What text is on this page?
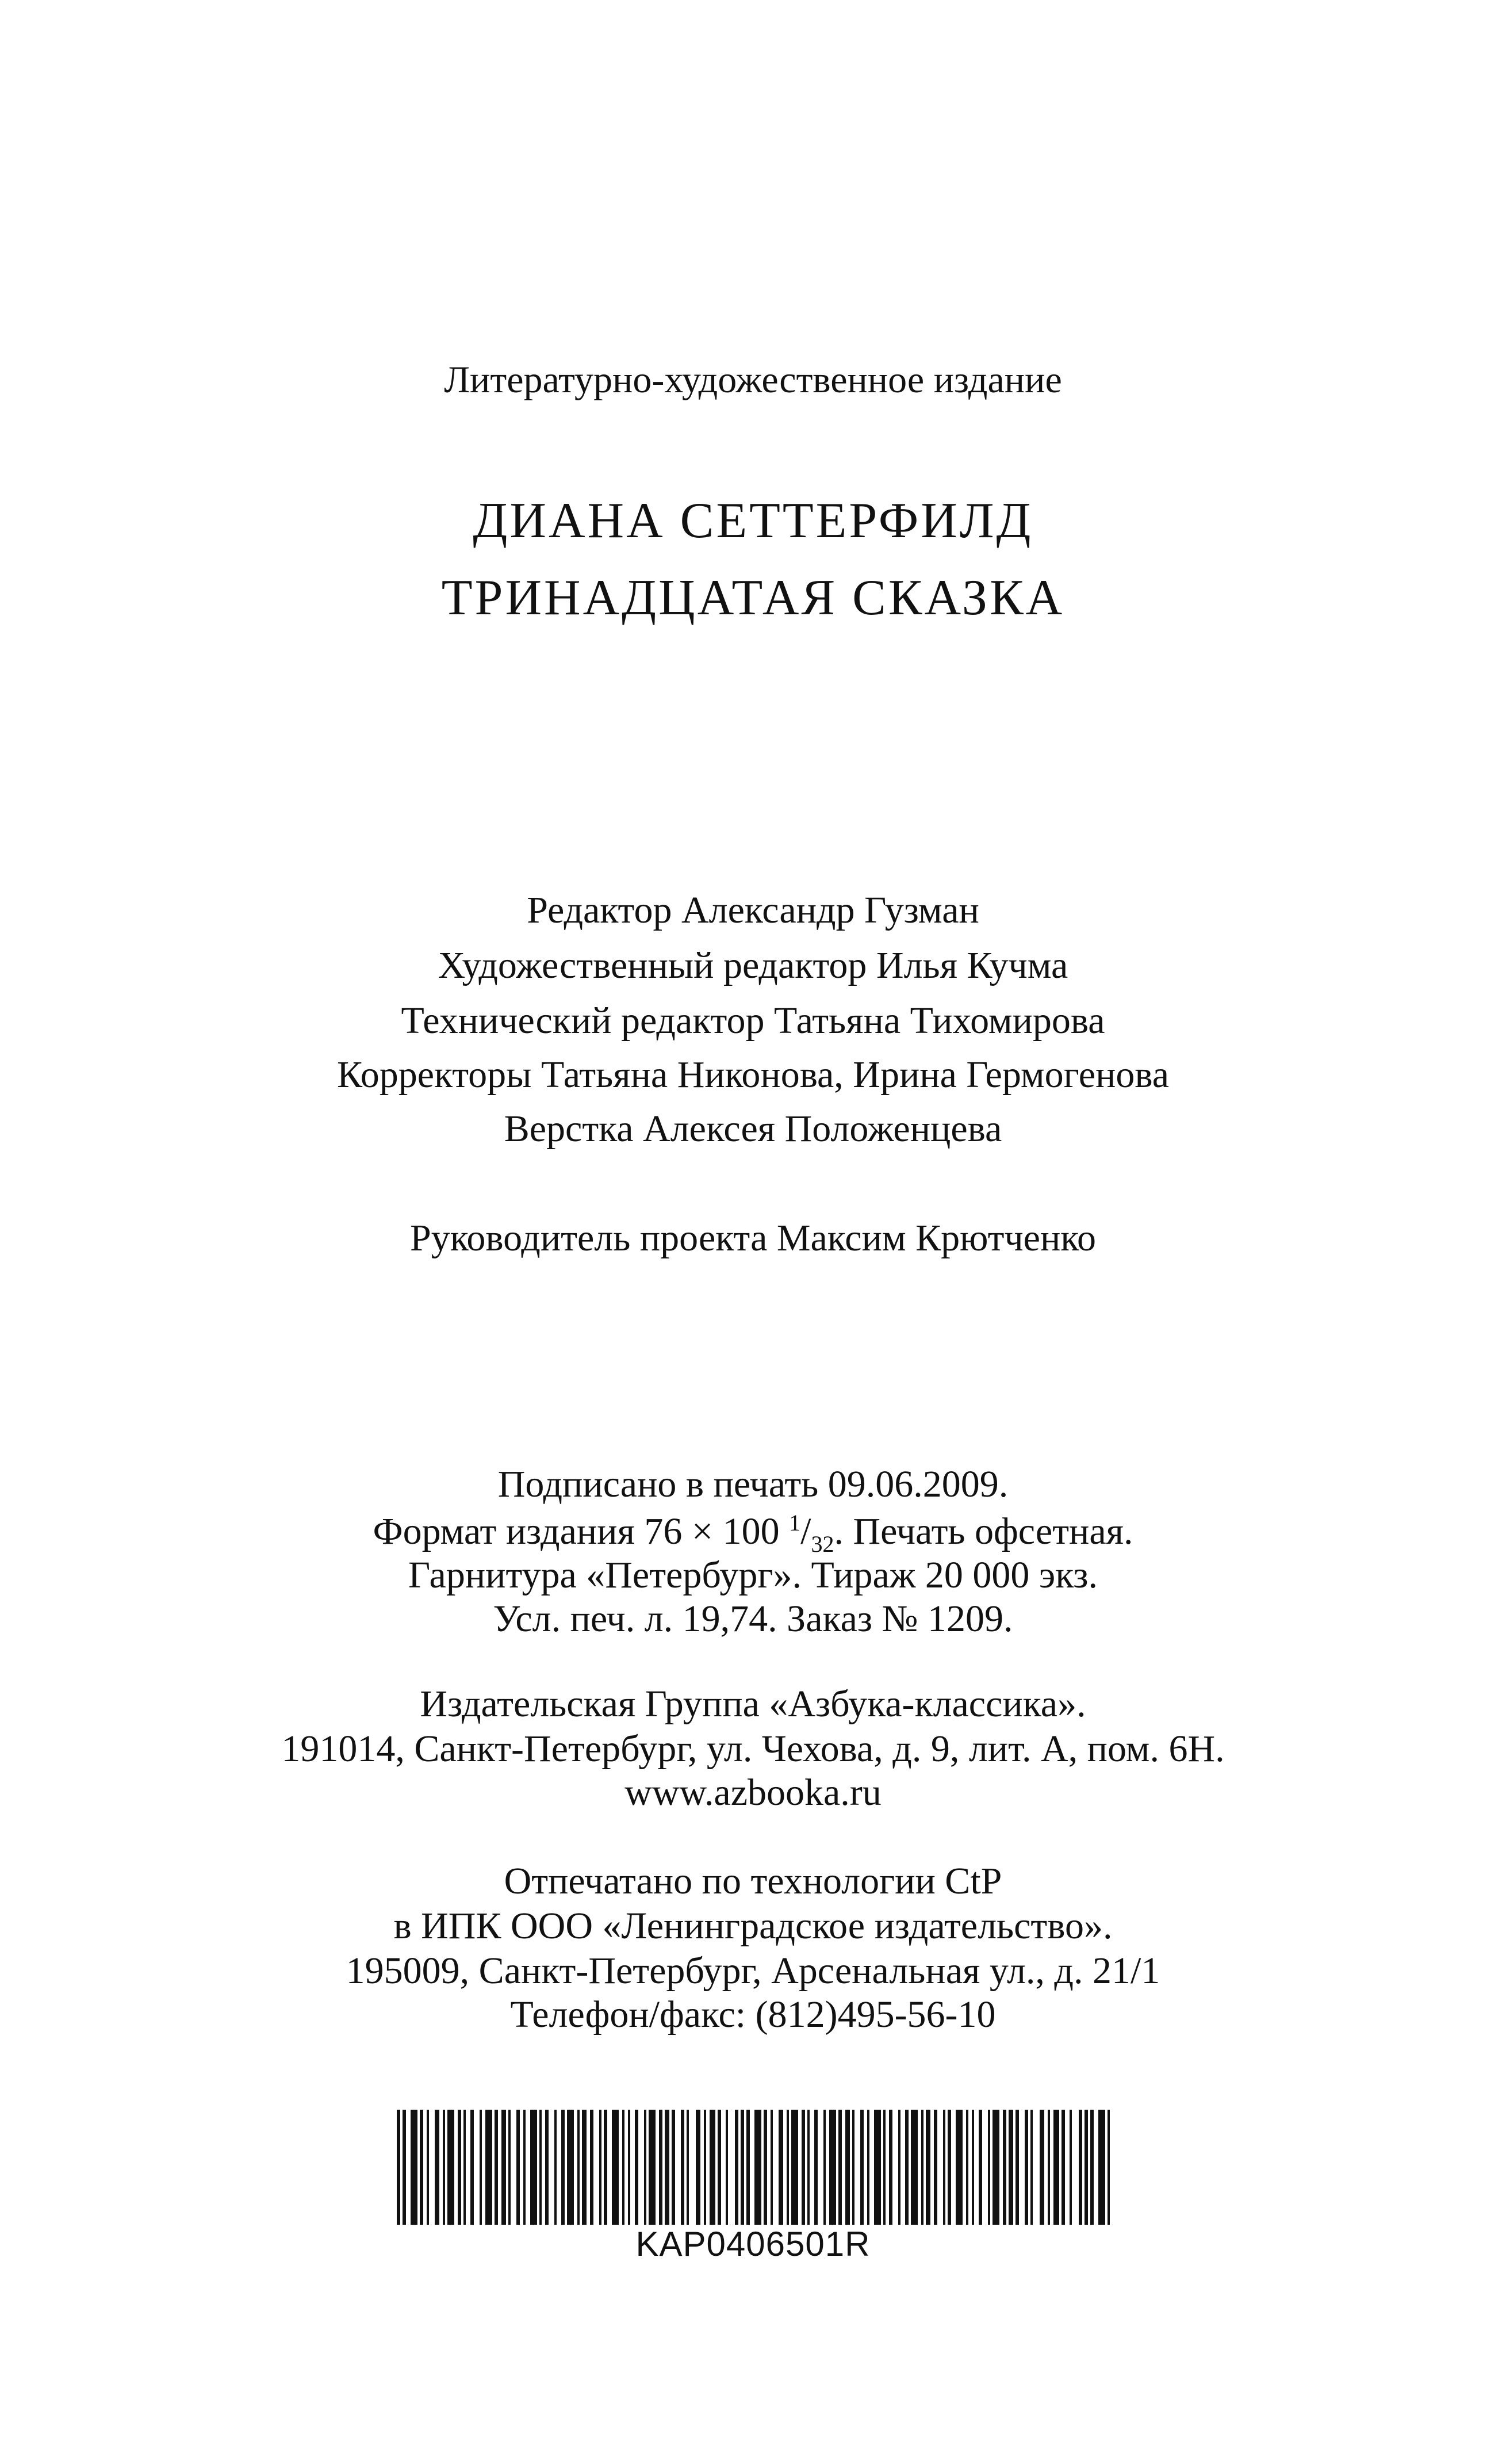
Литературно-художественное издание
ДИАНА СЕТТЕРФИЛД
ТРИНАДЦАТАЯ СКАЗКА
Редактор Александр Гузман
Художественный редактор Илья Кучма
Технический редактор Татьяна Тихомирова
Корректоры Татьяна Никонова, Ирина Гермогенова
Верстка Алексея Положенцева
Руководитель проекта Максим Крютченко
Подписано в печать 09.06.2009.
Формат издания 76 × 100 $^1/_{32}$. Печать офсетная.
Гарнитура «Петербург». Тираж 20 000 экз.
Усл. печ. л. 19,74. Заказ № 1209.
Издательская Группа «Азбука-классика».
191014, Санкт-Петербург, ул. Чехова, д. 9, лит. А, пом. 6Н.
www.azbooka.ru
Отпечатано по технологии CtP
в ИПК ООО «Ленинградское издательство».
195009, Санкт-Петербург, Арсенальная ул., д. 21/1
Телефон/факс: (812)495-56-10
KAP0406501R
